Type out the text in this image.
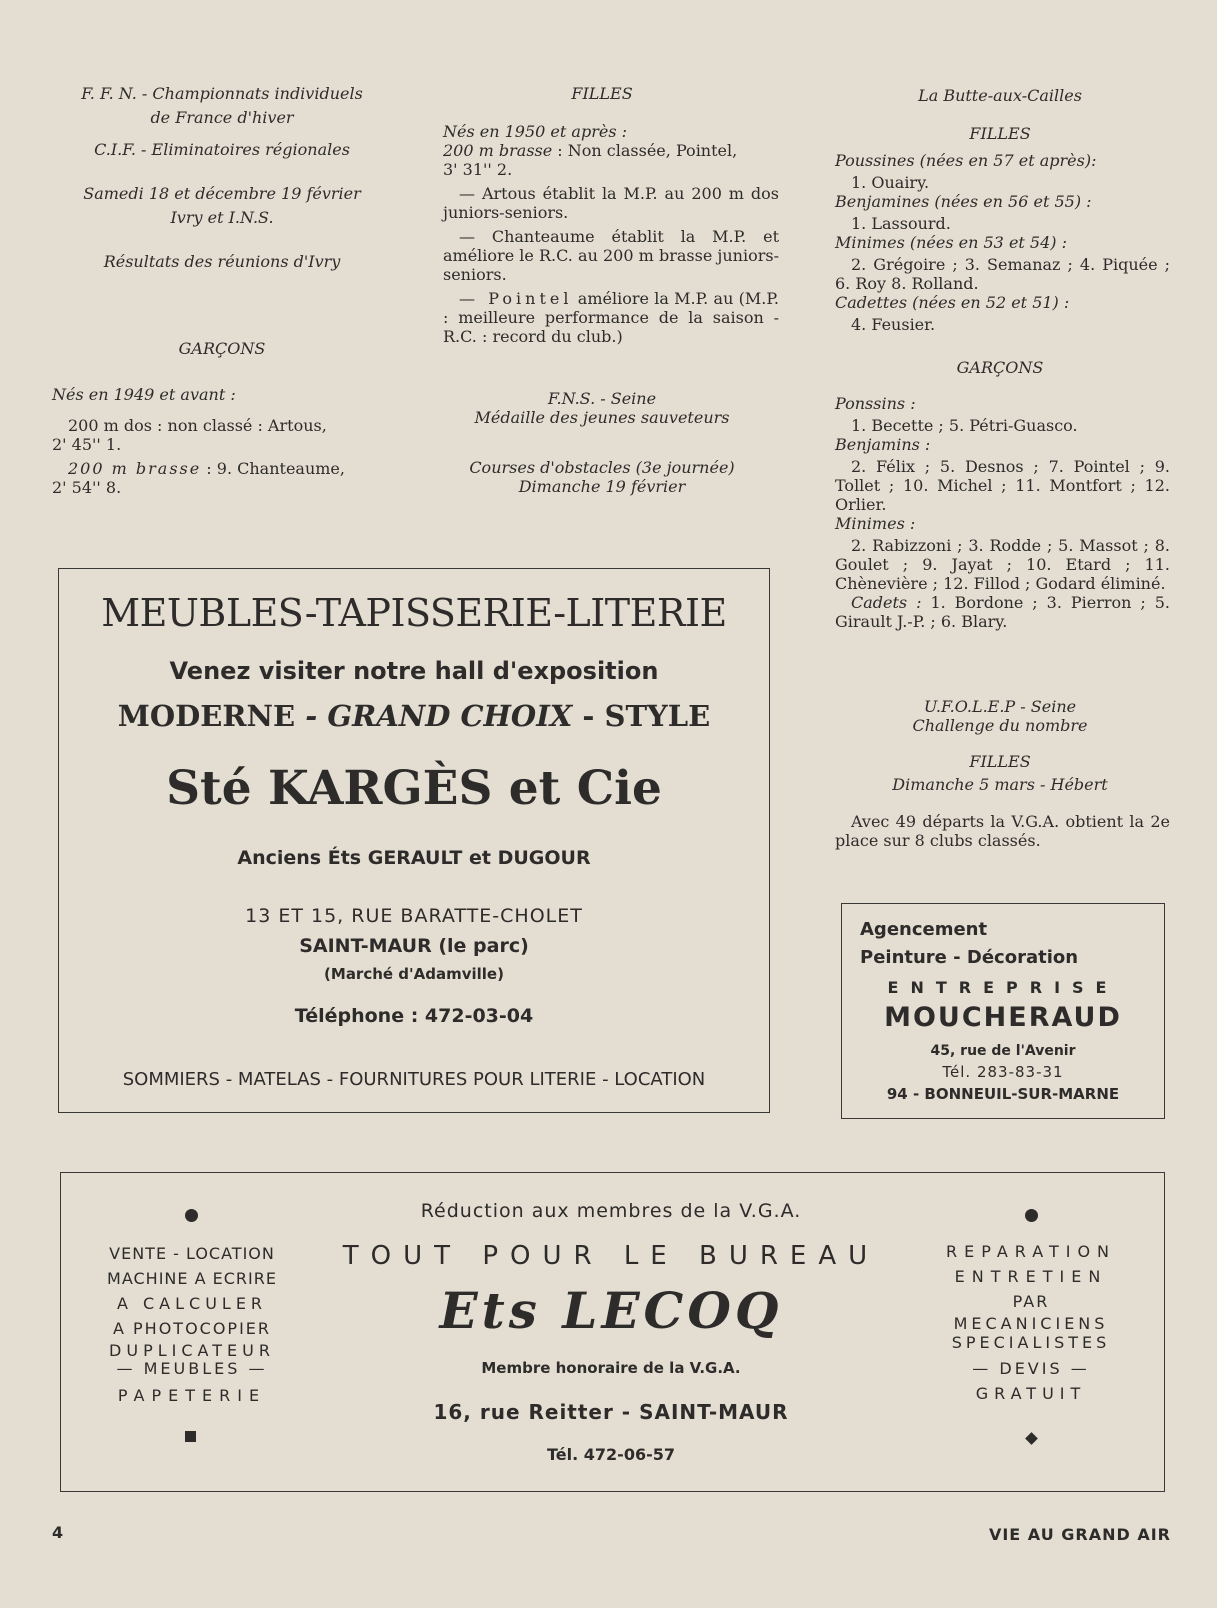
F. F. N. - Championnats individuels
de France d'hiver
C.I.F. - Eliminatoires régionales
Samedi 18 et décembre 19 février
Ivry et I.N.S.
Résultats des réunions d'Ivry
GARÇONS
Nés en 1949 et avant :
200 m dos : non classé : Artous,
2' 45'' 1.
200 m brasse : 9. Chanteaume,
2' 54'' 8.
FILLES

Nés en 1950 et après :

200 m brasse : Non classée, Pointel,

3' 31'' 2.

— Artous établit la M.P. au 200 m dos juniors-seniors.

— Chanteaume établit la M.P. et améliore le R.C. au 200 m brasse juniors-seniors.

— Pointel améliore la M.P. au (M.P. : meilleure performance de la saison - R.C. : record du club.)

F.N.S. - Seine
Médaille des jeunes sauveteurs
Courses d'obstacles (3e journée)
Dimanche 19 février
La Butte-aux-Cailles
FILLES

Poussines (nées en 57 et après):

1. Ouairy.

Benjamines (nées en 56 et 55) :

1. Lassourd.

Minimes (nées en 53 et 54) :

2. Grégoire ; 3. Semanaz ; 4. Piquée ; 6. Roy 8. Rolland.

Cadettes (nées en 52 et 51) :

4. Feusier.

GARÇONS

Ponssins :

1. Becette ; 5. Pétri-Guasco.

Benjamins :

2. Félix ; 5. Desnos ; 7. Pointel ; 9. Tollet ; 10. Michel ; 11. Montfort ; 12. Orlier.

Minimes :

2. Rabizzoni ; 3. Rodde ; 5. Massot ; 8. Goulet ; 9. Jayat ; 10. Etard ; 11. Chènevière ; 12. Fillod ; Godard éliminé.

Cadets : 1. Bordone ; 3. Pierron ; 5. Girault J.-P. ; 6. Blary.

U.F.O.L.E.P - Seine
Challenge du nombre
FILLES
Dimanche 5 mars - Hébert
Avec 49 départs la V.G.A. obtient la 2e place sur 8 clubs classés.
MEUBLES-TAPISSERIE-LITERIE
Venez visiter notre hall d'exposition
MODERNE - GRAND CHOIX - STYLE
Sté KARGÈS et Cie
Anciens Éts GERAULT et DUGOUR
13 ET 15, RUE BARATTE-CHOLET
SAINT-MAUR (le parc)
(Marché d'Adamville)
Téléphone : 472-03-04
SOMMIERS - MATELAS - FOURNITURES POUR LITERIE - LOCATION
Agencement
Peinture - Décoration
ENTREPRISE
MOUCHERAUD
45, rue de l'Avenir
Tél. 283-83-31
94 - BONNEUIL-SUR-MARNE
Réduction aux membres de la V.G.A.
TOUT POUR LE BUREAU
Ets LECOQ
Membre honoraire de la V.G.A.
16, rue Reitter - SAINT-MAUR
Tél. 472-06-57
VENTE - LOCATION
MACHINE A ECRIRE
A CALCULER
A PHOTOCOPIER
DUPLICATEUR
— MEUBLES —
PAPETERIE
REPARATION
ENTRETIEN
PAR
MECANICIENS
SPECIALISTES
— DEVIS —
GRATUIT
4	VIE AU GRAND AIR
